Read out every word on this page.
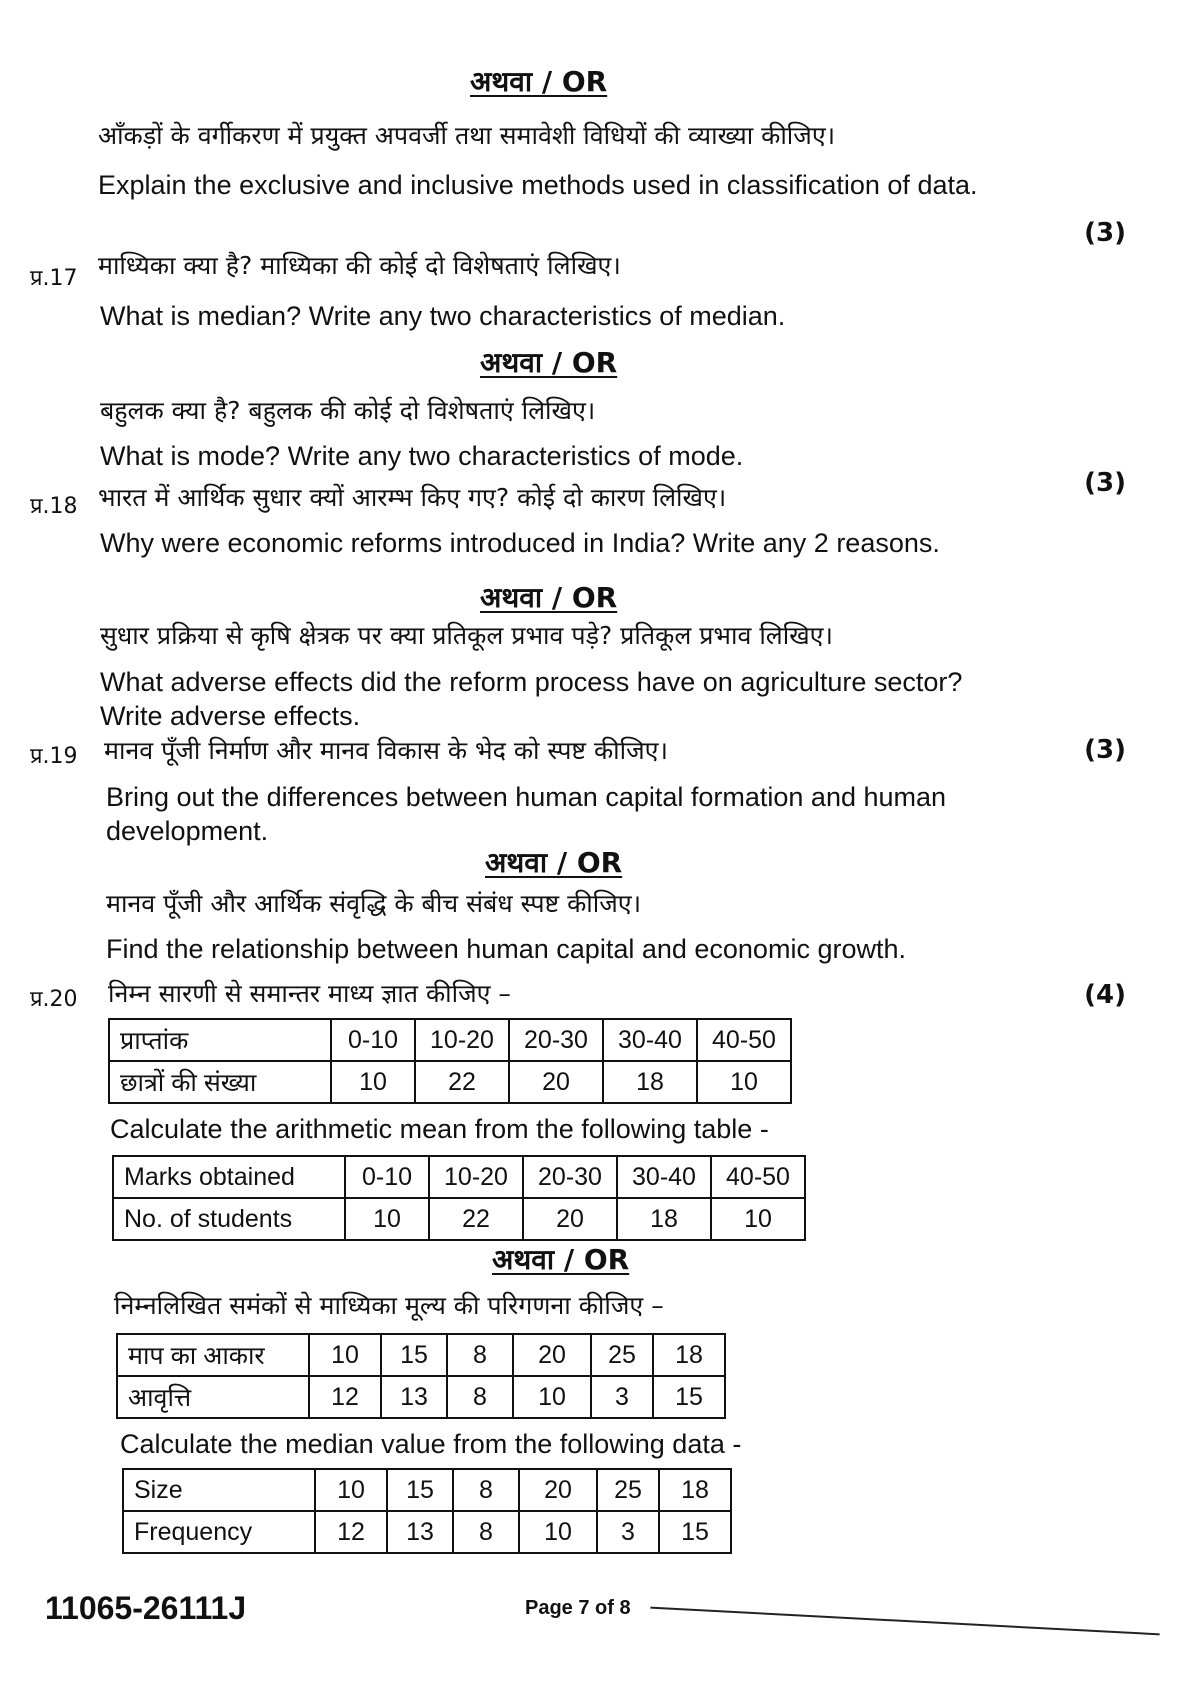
अथवा / OR
आँकड़ों के वर्गीकरण में प्रयुक्त अपवर्जी तथा समावेशी विधियों की व्याख्या कीजिए।
Explain the exclusive and inclusive methods used in classification of data.
(3)
प्र.17 माध्यिका क्या है? माध्यिका की कोई दो विशेषताएं लिखिए।
What is median? Write any two characteristics of median.
अथवा / OR
बहुलक क्या है? बहुलक की कोई दो विशेषताएं लिखिए।
What is mode? Write any two characteristics of mode.
(3)
प्र.18 भारत में आर्थिक सुधार क्यों आरम्भ किए गए? कोई दो कारण लिखिए।
Why were economic reforms introduced in India? Write any 2 reasons.
अथवा / OR
सुधार प्रक्रिया से कृषि क्षेत्रक पर क्या प्रतिकूल प्रभाव पड़े? प्रतिकूल प्रभाव लिखिए।
What adverse effects did the reform process have on agriculture sector? Write adverse effects.
प्र.19	(3)
मानव पूँजी निर्माण और मानव विकास के भेद को स्पष्ट कीजिए।
Bring out the differences between human capital formation and human development.
अथवा / OR
मानव पूँजी और आर्थिक संवृद्धि के बीच संबंध स्पष्ट कीजिए।
Find the relationship between human capital and economic growth.
प्र.20	(4)
निम्न सारणी से समान्तर माध्य ज्ञात कीजिए –
प्राप्तांक	0-10	10-20	20-30	30-40	40-50
छात्रों की संख्या	10	22	20	18	10
Calculate the arithmetic mean from the following table -
Marks obtained	0-10	10-20	20-30	30-40	40-50
No. of students	10	22	20	18	10
अथवा / OR
निम्नलिखित समंकों से माध्यिका मूल्य की परिगणना कीजिए –
माप का आकार	10	15	8	20	25	18
आवृत्ति	12	13	8	10	3	15
Calculate the median value from the following data -
Size	10	15	8	20	25	18
Frequency	12	13	8	10	3	15
11065-26111J	Page 7 of 8
